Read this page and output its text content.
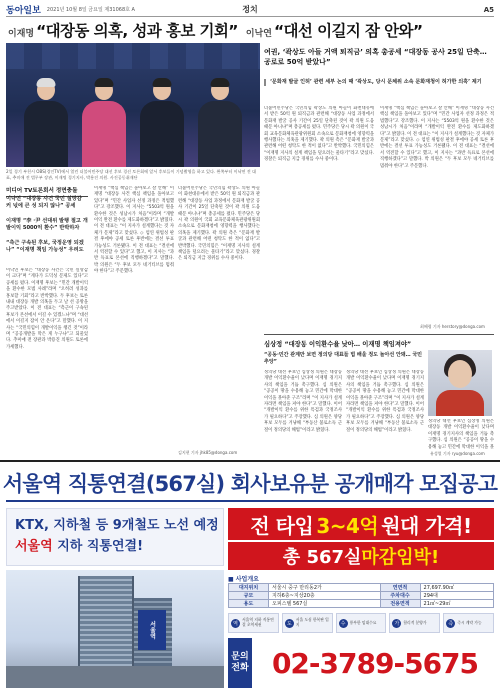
동아일보 2021년 10월 8일 금요일 제31068호 A	정치	A5
이재명 “대장동 의혹, 성과 홍보 기회” 이낙연 “대선 이길지 잠 안와”
2일 경기 부천시 OBS(경인TV)에서 열린 더불어민주당 대선 후보 경선 토론회에 앞서 후보들이 기념촬영을 하고 있다. 왼쪽부터 이낙연 전 대표, 추미애 전 법무부 장관, 이재명 경기지사, 박용진 의원. 사진공동취재단
미디어 TV토론회서 정면충돌
이낙연 “대장동 사건 국민 실망감 커 넋에 큰 성 되지 않나” 공세
이재명 “李 ·尹 선대위 발행 절고 개발이익 5000억 환수” 반박하자
“측근 구속된 후보, 국정운영 되겠나” “이재명 책임 가능성” 우려도
이낙연 후보는 “대장동 사건은 국민 실망감이 크다”며 “게다가 도덕성 문제도 있다”고 공세를 폈다. 이재명 후보는 “민간 개발이익을 환수한 모범 사례”라며 “오히려 성과를 홍보할 기회”라고 반박했다. 두 후보는 토론 내내 대장동 개발 의혹을 두고 날 선 공방을 주고받았다. 이 전 대표는 “측근이 구속된 후보가 본선에서 이길 수 있겠느냐”며 “대선에서 이길지 잠이 안 온다”고 말했다. 이 지사는 “국민의힘이 개발이익을 챙긴 것”이라며 “공공개발을 막은 게 누구냐”고 되물었다. 추미애 전 장관과 박용진 의원도 토론에 가세했다.
이재명 “핵심 책임은 돌아보고 잘 안해” 이재명 “대장동 사건 핵심 책임을 돌아보고 있다”며 “민간 사업자 선정 과정은 적법했다”고 강조했다. 이 지사는 “5503억 원을 환수한 것은 성남시가 처음”이라며 “개발이익 완전 환수를 제도화하겠다”고 밝혔다. 이 전 대표는 “이 지사가 설계했다는 것 자체가 문제”라고 맞섰다. ◇ 엄연 위법성 판결 후에야 공세 토론 후반에는 결선 투표 가능성도 거론됐다. 이 전 대표는 “결선에서 역전할 수 있다”고 했고, 이 지사는 “과반 득표로 본선에 직행하겠다”고 말했다. 박 의원은 “두 후보 모두 네거티브를 멈춰야 한다”고 주문했다.
더불어민주당은 국민의힘 곽상도 의원 아들이 화천대유에서 받은 50억 원 퇴직금과 관련해 “대장동 사업 과정에서 문화재 발굴 공사 기간이 25일 단축된 것이 곽 의원 도움 때문 아니냐”며 총공세를 폈다. 민주당은 당시 곽 의원이 국회 교육문화체육관광위원회 소속으로 문화재청에 영향력을 행사했다는 의혹을 제기했다. 곽 의원 측은 “문화재 발굴과 관련해 어떤 청탁도 한 적이 없다”고 반박했다. 국민의힘은 “이재명 지사의 설계 책임을 덮으려는 물타기”라고 맞섰다. 경찰은 퇴직금 지급 경위를 수사 중이다.
김지현 기자 jhk85@donga.com
여권, ‘곽상도 아들 거액 퇴직금’ 의혹 총공세 “대장동 공사 25일 단축… 공로로 50억 받았나”
‘문화재 발굴 인허’ 관련 세부 논의 때 ‘곽상도, 당시 문체위 소속 문화재청이 허가한 의혹’ 제기
더불어민주당은 국민의힘 곽상도 의원 아들이 화천대유에서 받은 50억 원 퇴직금과 관련해 “대장동 사업 과정에서 문화재 발굴 공사 기간이 25일 단축된 것이 곽 의원 도움 때문 아니냐”며 총공세를 폈다. 민주당은 당시 곽 의원이 국회 교육문화체육관광위원회 소속으로 문화재청에 영향력을 행사했다는 의혹을 제기했다. 곽 의원 측은 “문화재 발굴과 관련해 어떤 청탁도 한 적이 없다”고 반박했다. 국민의힘은 “이재명 지사의 설계 책임을 덮으려는 물타기”라고 맞섰다. 경찰은 퇴직금 지급 경위를 수사 중이다.
이재명 “핵심 책임은 돌아보고 잘 안해” 이재명 “대장동 사건 핵심 책임을 돌아보고 있다”며 “민간 사업자 선정 과정은 적법했다”고 강조했다. 이 지사는 “5503억 원을 환수한 것은 성남시가 처음”이라며 “개발이익 완전 환수를 제도화하겠다”고 밝혔다. 이 전 대표는 “이 지사가 설계했다는 것 자체가 문제”라고 맞섰다. ◇ 엄연 위법성 판결 후에야 공세 토론 후반에는 결선 투표 가능성도 거론됐다. 이 전 대표는 “결선에서 역전할 수 있다”고 했고, 이 지사는 “과반 득표로 본선에 직행하겠다”고 말했다. 박 의원은 “두 후보 모두 네거티브를 멈춰야 한다”고 주문했다.
최혜령 기자 herstory@donga.com
심상정 “대장동 이익환수율 낮아… 이재명 책임져야”
“공동·민간 관계만 보면 정의당 대표들 법 배울 정도 놀아선 안돼… 국민 추앙”
정의당 대선 후보인 심상정 의원은 대장동 개발 이익환수율이 낮다며 이재명 경기지사의 책임을 거듭 촉구했다. 심 의원은 “공공이 땅을 수용해 놓고 민간에 막대한 이익을 몰아준 구조”라며 “이 지사가 설계자라면 책임을 져야 한다”고 말했다. 이어 “개발이익 환수를 위한 특검과 국정조사가 필요하다”고 주장했다. 심 의원은 양당 후보 모두를 겨냥해 “부동산 불로소득 근절이 정의당의 해법”이라고 밝혔다.
정의당 대선 후보인 심상정 의원은 대장동 개발 이익환수율이 낮다며 이재명 경기지사의 책임을 거듭 촉구했다. 심 의원은 “공공이 땅을 수용해 놓고 민간에 막대한 이익을 몰아준 구조”라며 “이 지사가 설계자라면 책임을 져야 한다”고 말했다. 이어 “개발이익 환수를 위한 특검과 국정조사가 필요하다”고 주장했다. 심 의원은 양당 후보 모두를 겨냥해 “부동산 불로소득 근절이 정의당의 해법”이라고 밝혔다.
정의당 대선 후보인 심상정 의원은 대장동 개발 이익환수율이 낮다며 이재명 경기지사의 책임을 거듭 촉구했다. 심 의원은 “공공이 땅을 수용해 놓고 민간에 막대한 이익을 몰
유성열 기자 ryu@donga.com
서울역 직통연결(567실) 회사보유분 공개매각 모집공고
KTX, 지하철 등 9개철도 노선 예정
서울역 지하 직통연결!
전 타입 3~4억 원대 가격!
총 567실 마감임박!
■ 사업개요
대지위치	서울시 중구 만리동2가	연면적	27,697.90㎡
규모	지하6층~지상20층	주차대수	294대
용도	오피스텔 567실	전용면적	21㎡~29㎡
역
서울역 지하 직통연결 초역세권	도
서울 도심 한복판 입지	수	풍부한 임대수요	가	합리적 분양가	즉	즉시 계약 가능
서울역
문의
전화 02-3789-5675
